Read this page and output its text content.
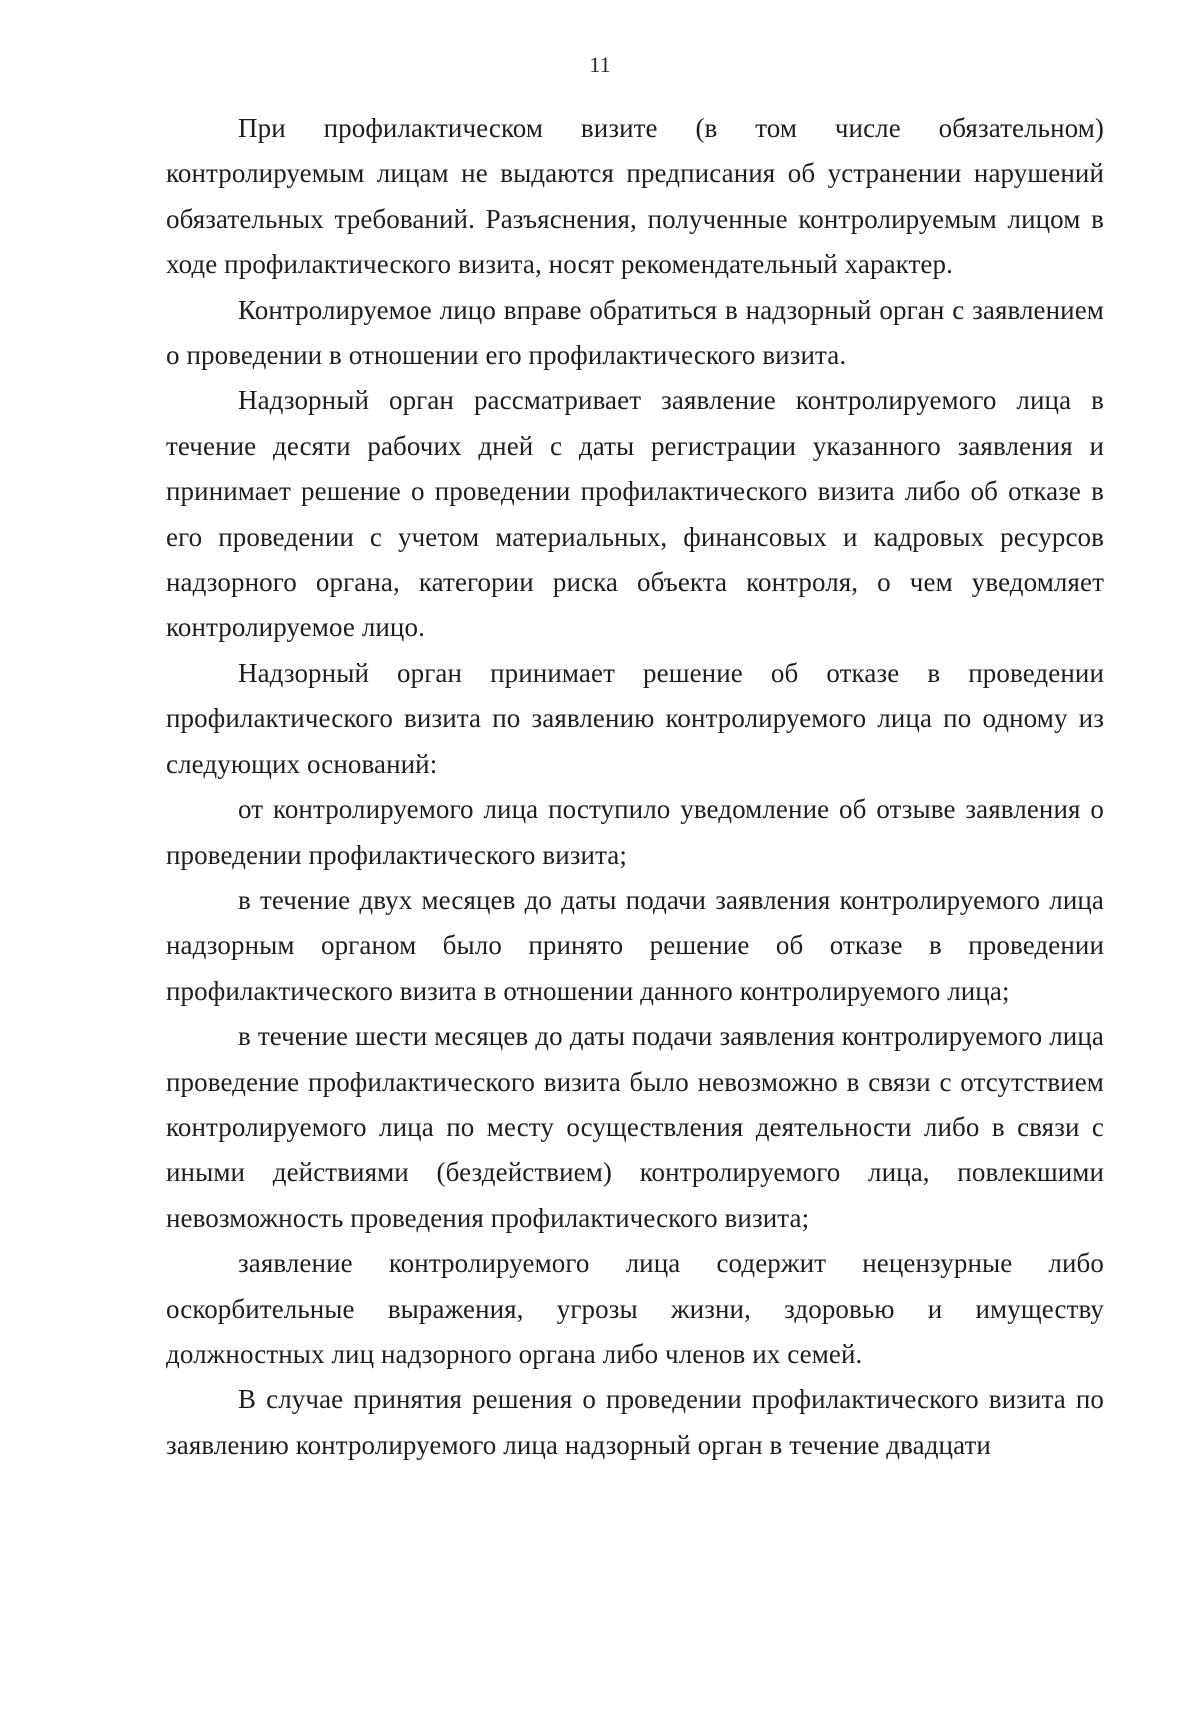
11

При профилактическом визите (в том числе обязательном) контролируемым лицам не выдаются предписания об устранении нарушений обязательных требований. Разъяснения, полученные контролируемым лицом в ходе профилактического визита, носят рекомендательный характер.

Контролируемое лицо вправе обратиться в надзорный орган с заявлением о проведении в отношении его профилактического визита.

Надзорный орган рассматривает заявление контролируемого лица в течение десяти рабочих дней с даты регистрации указанного заявления и принимает решение о проведении профилактического визита либо об отказе в его проведении с учетом материальных, финансовых и кадровых ресурсов надзорного органа, категории риска объекта контроля, о чем уведомляет контролируемое лицо.

Надзорный орган принимает решение об отказе в проведении профилактического визита по заявлению контролируемого лица по одному из следующих оснований:

от контролируемого лица поступило уведомление об отзыве заявления о проведении профилактического визита;

в течение двух месяцев до даты подачи заявления контролируемого лица надзорным органом было принято решение об отказе в проведении профилактического визита в отношении данного контролируемого лица;

в течение шести месяцев до даты подачи заявления контролируемого лица проведение профилактического визита было невозможно в связи с отсутствием контролируемого лица по месту осуществления деятельности либо в связи с иными действиями (бездействием) контролируемого лица, повлекшими невозможность проведения профилактического визита;

заявление контролируемого лица содержит нецензурные либо оскорбительные выражения, угрозы жизни, здоровью и имуществу должностных лиц надзорного органа либо членов их семей.

В случае принятия решения о проведении профилактического визита по заявлению контролируемого лица надзорный орган в течение двадцати
